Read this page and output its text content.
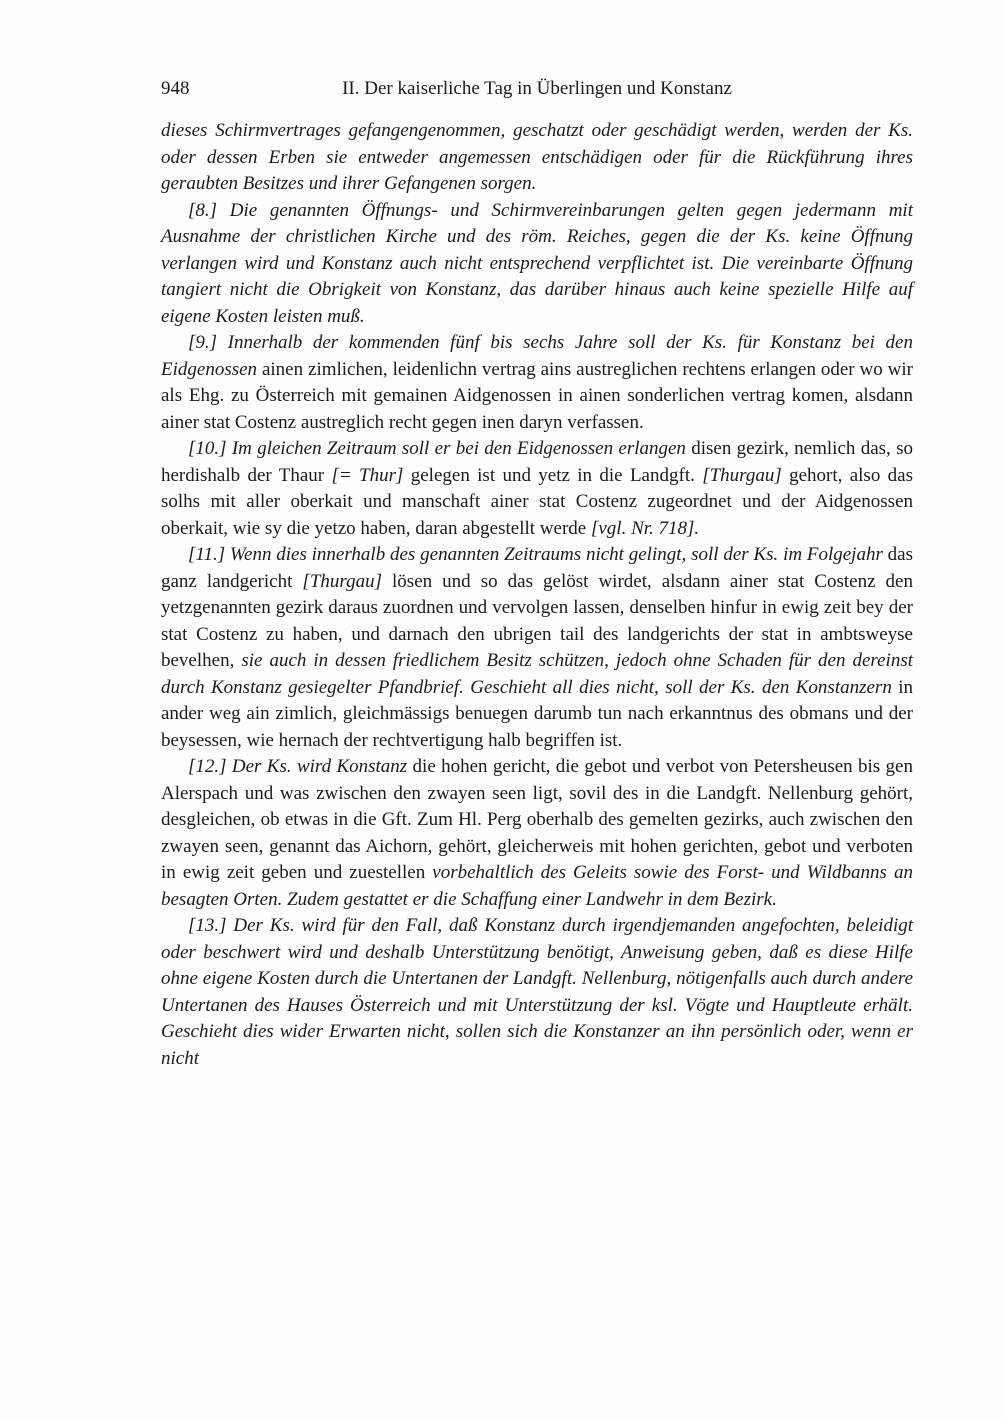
948	II. Der kaiserliche Tag in Überlingen und Konstanz

dieses Schirmvertrages gefangengenommen, geschatzt oder geschädigt werden, werden der Ks. oder dessen Erben sie entweder angemessen entschädigen oder für die Rückführung ihres geraubten Besitzes und ihrer Gefangenen sorgen.

[8.] Die genannten Öffnungs- und Schirmvereinbarungen gelten gegen jedermann mit Ausnahme der christlichen Kirche und des röm. Reiches, gegen die der Ks. keine Öffnung verlangen wird und Konstanz auch nicht entsprechend verpflichtet ist. Die vereinbarte Öffnung tangiert nicht die Obrigkeit von Konstanz, das darüber hinaus auch keine spezielle Hilfe auf eigene Kosten leisten muß.

[9.] Innerhalb der kommenden fünf bis sechs Jahre soll der Ks. für Konstanz bei den Eidgenossen ainen zimlichen, leidenlichn vertrag ains austreglichen rechtens erlangen oder wo wir als Ehg. zu Österreich mit gemainen Aidgenossen in ainen sonderlichen vertrag komen, alsdann ainer stat Costenz austreglich recht gegen inen daryn verfassen.

[10.] Im gleichen Zeitraum soll er bei den Eidgenossen erlangen disen gezirk, nemlich das, so herdishalb der Thaur [= Thur] gelegen ist und yetz in die Landgft. [Thurgau] gehort, also das solhs mit aller oberkait und manschaft ainer stat Costenz zugeordnet und der Aidgenossen oberkait, wie sy die yetzo haben, daran abgestellt werde [vgl. Nr. 718].

[11.] Wenn dies innerhalb des genannten Zeitraums nicht gelingt, soll der Ks. im Folgejahr das ganz landgericht [Thurgau] lösen und so das gelöst wirdet, alsdann ainer stat Costenz den yetzgenannten gezirk daraus zuordnen und vervolgen lassen, denselben hinfur in ewig zeit bey der stat Costenz zu haben, und darnach den ubrigen tail des landgerichts der stat in ambtsweyse bevelhen, sie auch in dessen friedlichem Besitz schützen, jedoch ohne Schaden für den dereinst durch Konstanz gesiegelter Pfandbrief. Geschieht all dies nicht, soll der Ks. den Konstanzern in ander weg ain zimlich, gleichmässigs benuegen darumb tun nach erkanntnus des obmans und der beysessen, wie hernach der rechtvertigung halb begriffen ist.

[12.] Der Ks. wird Konstanz die hohen gericht, die gebot und verbot von Petersheusen bis gen Alerspach und was zwischen den zwayen seen ligt, sovil des in die Landgft. Nellenburg gehört, desgleichen, ob etwas in die Gft. Zum Hl. Perg oberhalb des gemelten gezirks, auch zwischen den zwayen seen, genannt das Aichorn, gehört, gleicherweis mit hohen gerichten, gebot und verboten in ewig zeit geben und zuestellen vorbehaltlich des Geleits sowie des Forst- und Wildbanns an besagten Orten. Zudem gestattet er die Schaffung einer Landwehr in dem Bezirk.

[13.] Der Ks. wird für den Fall, daß Konstanz durch irgendjemanden angefochten, beleidigt oder beschwert wird und deshalb Unterstützung benötigt, Anweisung geben, daß es diese Hilfe ohne eigene Kosten durch die Untertanen der Landgft. Nellenburg, nötigenfalls auch durch andere Untertanen des Hauses Österreich und mit Unterstützung der ksl. Vögte und Hauptleute erhält. Geschieht dies wider Erwarten nicht, sollen sich die Konstanzer an ihn persönlich oder, wenn er nicht
